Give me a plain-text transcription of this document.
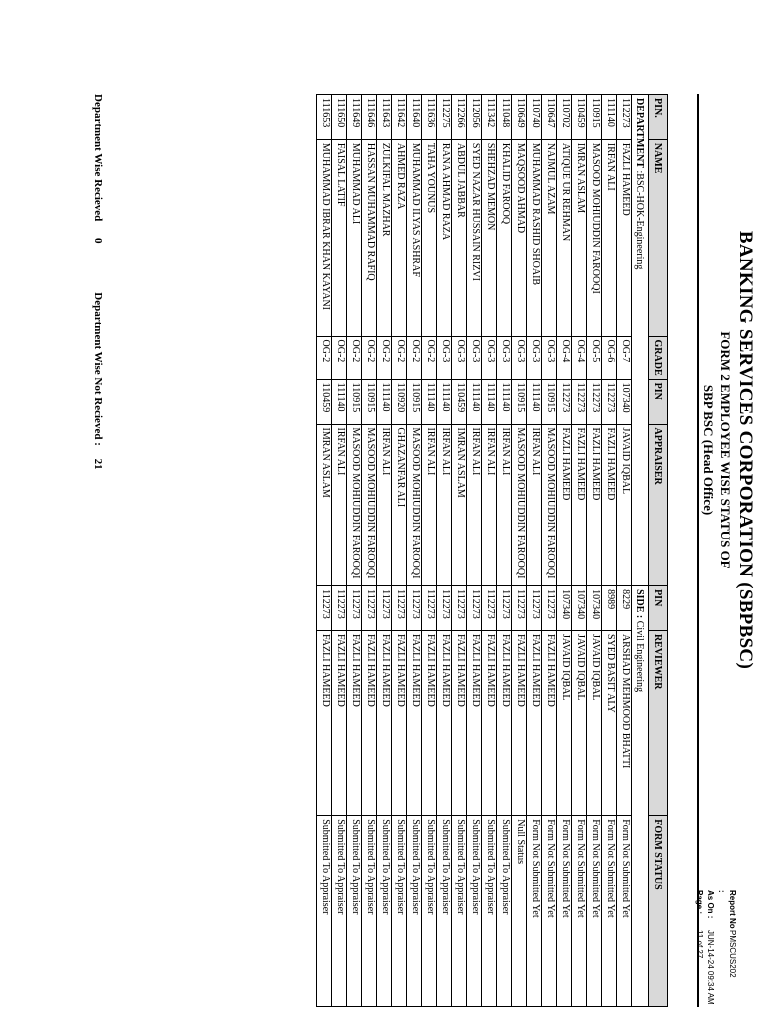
BANKING SERVICES CORPORATION (SBPBSC)
FORM 2 EMPLOYEE WISE STATUS OF
SBP BSC (Head Office)
Report No :
PMSCUS202
As On :
JUN-14-24 09:34 AM
Page :
11 of 27
PIN.	NAME	GRADE	PIN	APPRAISER	PIN	REVIEWER	FORM STATUS
DEPARTMENT :BSC-HOK-Engineering					SIDE : Civil Engineering		
112273	FAZLI HAMEED	OG-7	107340	JAVAID IQBAL	8229	ARSHAD MEHMOOD BHATTI	Form Not Submitted Yet
111140	IRFAN ALI	OG-6	112273	FAZLI HAMEED	8989	SYED BASIT ALY	Form Not Submitted Yet
110915	MASOOD MOHIUDDIN FAROOQI	OG-5	112273	FAZLI HAMEED	107340	JAVAID IQBAL	Form Not Submitted Yet
110459	IMRAN ASLAM	OG-4	112273	FAZLI HAMEED	107340	JAVAID IQBAL	Form Not Submitted Yet
110702	ATIQUE UR REHMAN	OG-4	112273	FAZLI HAMEED	107340	JAVAID IQBAL	Form Not Submitted Yet
110647	NAJMUL AZAM	OG-3	110915	MASOOD MOHIUDDIN FAROOQI	112273	FAZLI HAMEED	Form Not Submitted Yet
110740	MUHAMMAD RASHID SHOAIB	OG-3	111140	IRFAN ALI	112273	FAZLI HAMEED	Form Not Submitted Yet
110649	MAQSOOD AHMAD	OG-3	110915	MASOOD MOHIUDDIN FAROOQI	112273	FAZLI HAMEED	Null Status
111048	KHALID FAROOQ	OG-3	111140	IRFAN ALI	112273	FAZLI HAMEED	Submitted To Appraiser
111342	SHEHZAD MEMON	OG-3	111140	IRFAN ALI	112273	FAZLI HAMEED	Submitted To Appraiser
112056	SYED NAZAR HUSSAIN RIZVI	OG-3	111140	IRFAN ALI	112273	FAZLI HAMEED	Submitted To Appraiser
112266	ABDUL JABBAR	OG-3	110459	IMRAN ASLAM	112273	FAZLI HAMEED	Submitted To Appraiser
112275	RANA AHMAD RAZA	OG-3	111140	IRFAN ALI	112273	FAZLI HAMEED	Submitted To Appraiser
111636	TAHA YOUNUS	OG-2	111140	IRFAN ALI	112273	FAZLI HAMEED	Submitted To Appraiser
111640	MUHAMMAD ILYAS ASHRAF	OG-2	110915	MASOOD MOHIUDDIN FAROOQI	112273	FAZLI HAMEED	Submitted To Appraiser
111642	AHMED RAZA	OG-2	110920	GHAZANFAR ALI	112273	FAZLI HAMEED	Submitted To Appraiser
111643	ZULKIFAL MAZHAR	OG-2	111140	IRFAN ALI	112273	FAZLI HAMEED	Submitted To Appraiser
111646	HASSAN MUHAMMAD RAFIQ	OG-2	110915	MASOOD MOHIUDDIN FAROOQI	112273	FAZLI HAMEED	Submitted To Appraiser
111649	MUHAMMAD ALI	OG-2	110915	MASOOD MOHIUDDIN FAROOQI	112273	FAZLI HAMEED	Submitted To Appraiser
111650	FAISAL LATIF	OG-2	111140	IRFAN ALI	112273	FAZLI HAMEED	Submitted To Appraiser
111653	MUHAMMAD IBRAR KHAN KAYANI	OG-2	110459	IMRAN ASLAM	112273	FAZLI HAMEED	Submitted To Appraiser
Department Wise Recieved 0 Department Wise Not Recieved : 21
